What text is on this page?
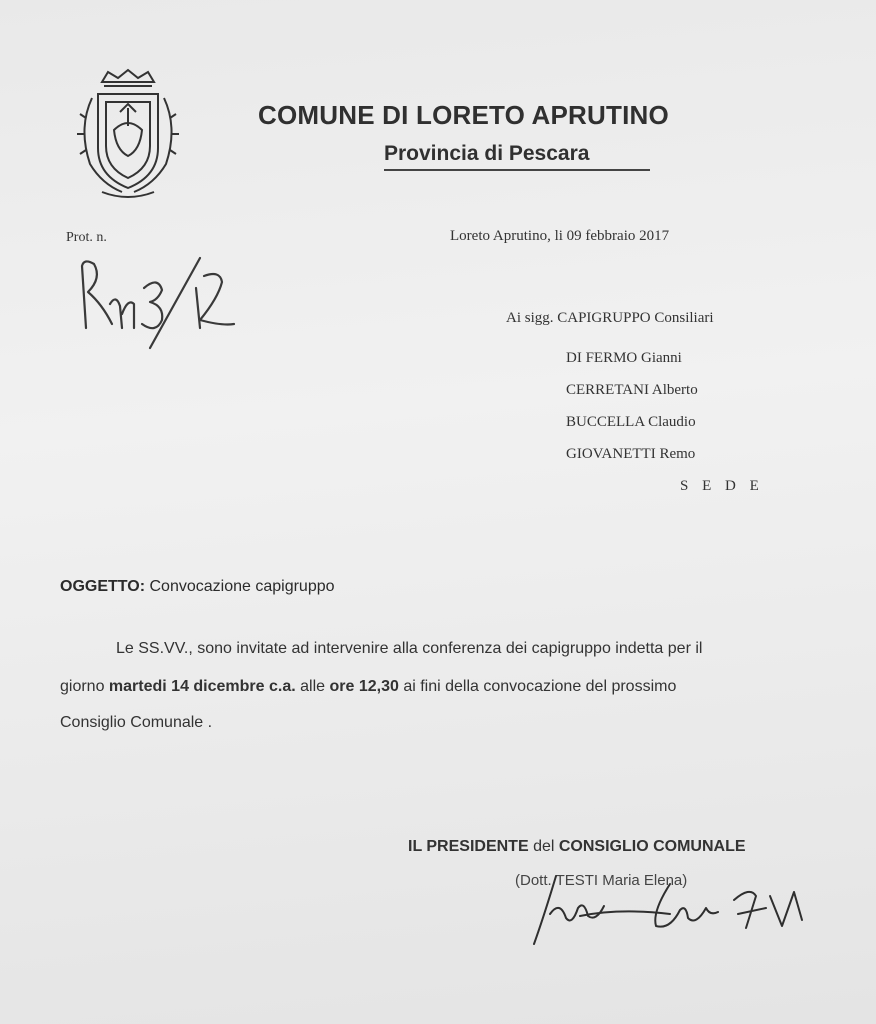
COMUNE DI LORETO APRUTINO
Provincia di Pescara
Prot. n.	Loreto Aprutino, li 09 febbraio 2017
Ai sigg. CAPIGRUPPO Consiliari
DI FERMO Gianni
CERRETANI Alberto
BUCCELLA Claudio
GIOVANETTI Remo
S E D E
OGGETTO: Convocazione capigruppo
Le SS.VV., sono invitate ad intervenire alla conferenza dei capigruppo indetta per il
giorno martedi 14 dicembre c.a. alle ore 12,30 ai fini della convocazione del prossimo
Consiglio Comunale .
IL PRESIDENTE del CONSIGLIO COMUNALE
(Dott. TESTI Maria Elena)
